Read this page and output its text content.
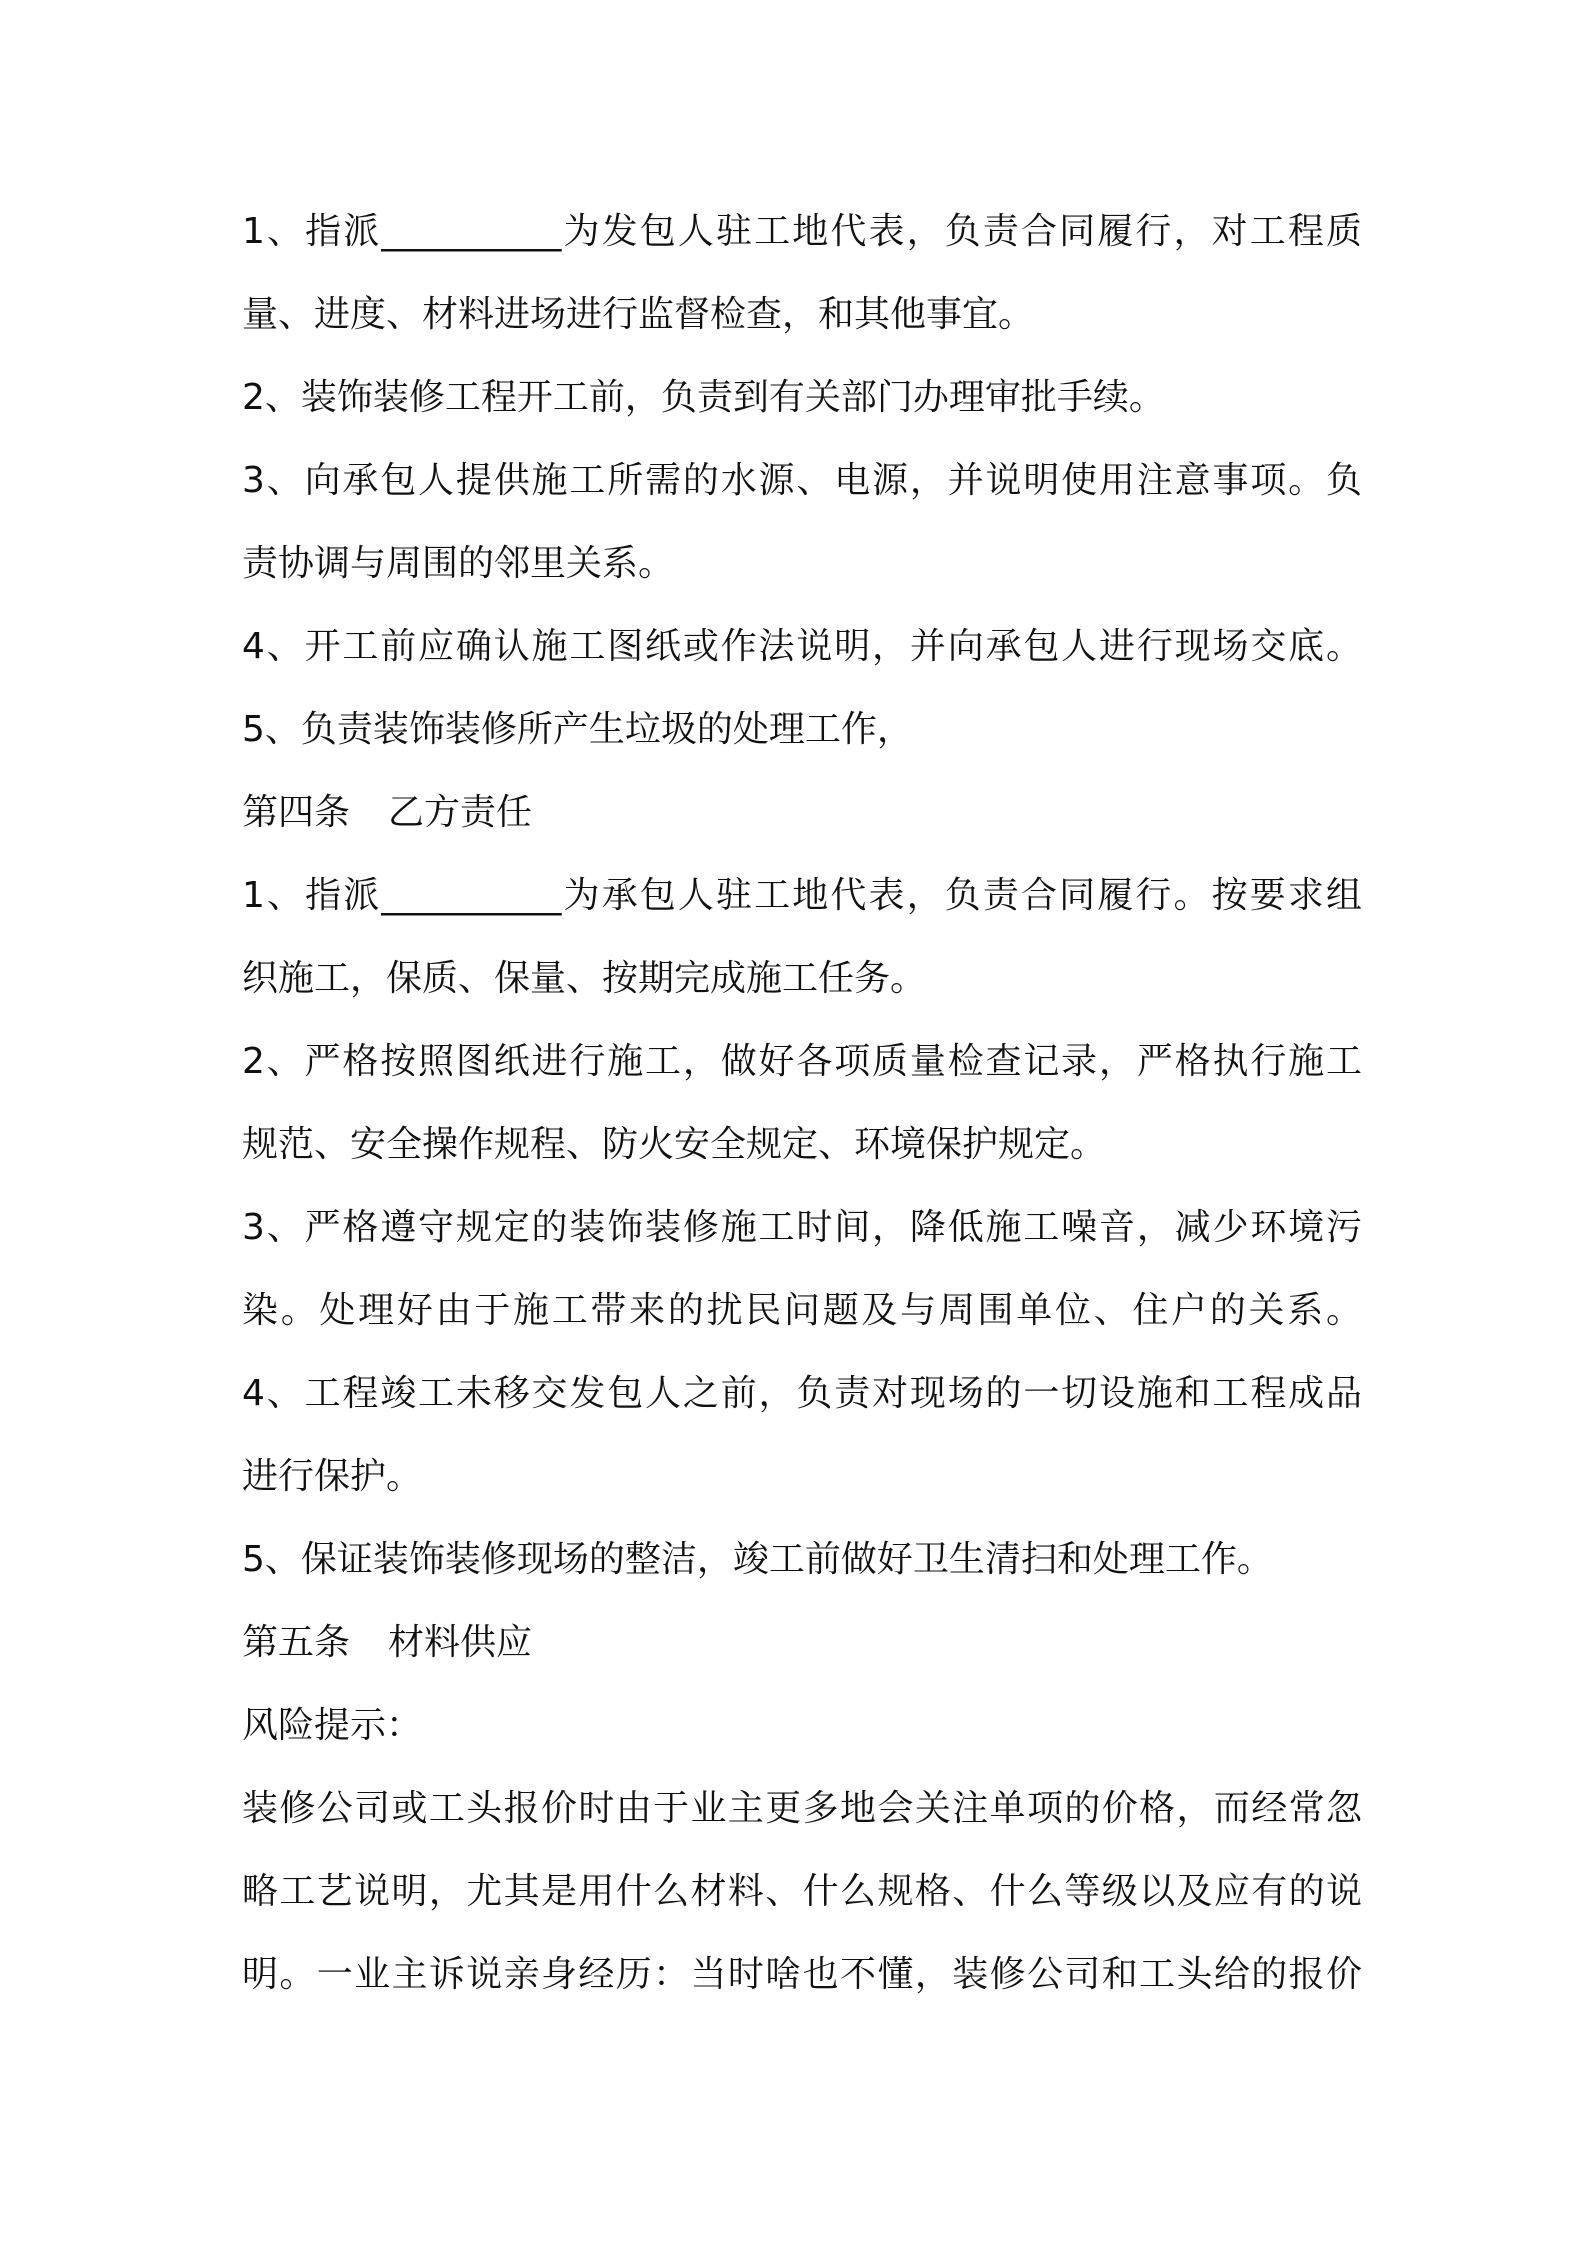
1、指派__________为发包人驻工地代表，负责合同履行，对工程质

量、进度、材料进场进行监督检查，和其他事宜。

2、装饰装修工程开工前，负责到有关部门办理审批手续。

3、向承包人提供施工所需的水源、电源，并说明使用注意事项。负

责协调与周围的邻里关系。

4、开工前应确认施工图纸或作法说明，并向承包人进行现场交底。

5、负责装饰装修所产生垃圾的处理工作，

第四条 乙方责任

1、指派__________为承包人驻工地代表，负责合同履行。按要求组

织施工，保质、保量、按期完成施工任务。

2、严格按照图纸进行施工，做好各项质量检查记录，严格执行施工

规范、安全操作规程、防火安全规定、环境保护规定。

3、严格遵守规定的装饰装修施工时间，降低施工噪音，减少环境污

染。处理好由于施工带来的扰民问题及与周围单位、住户的关系。

4、工程竣工未移交发包人之前，负责对现场的一切设施和工程成品

进行保护。

5、保证装饰装修现场的整洁，竣工前做好卫生清扫和处理工作。

第五条 材料供应

风险提示：

装修公司或工头报价时由于业主更多地会关注单项的价格，而经常忽

略工艺说明，尤其是用什么材料、什么规格、什么等级以及应有的说

明。一业主诉说亲身经历：当时啥也不懂，装修公司和工头给的报价
